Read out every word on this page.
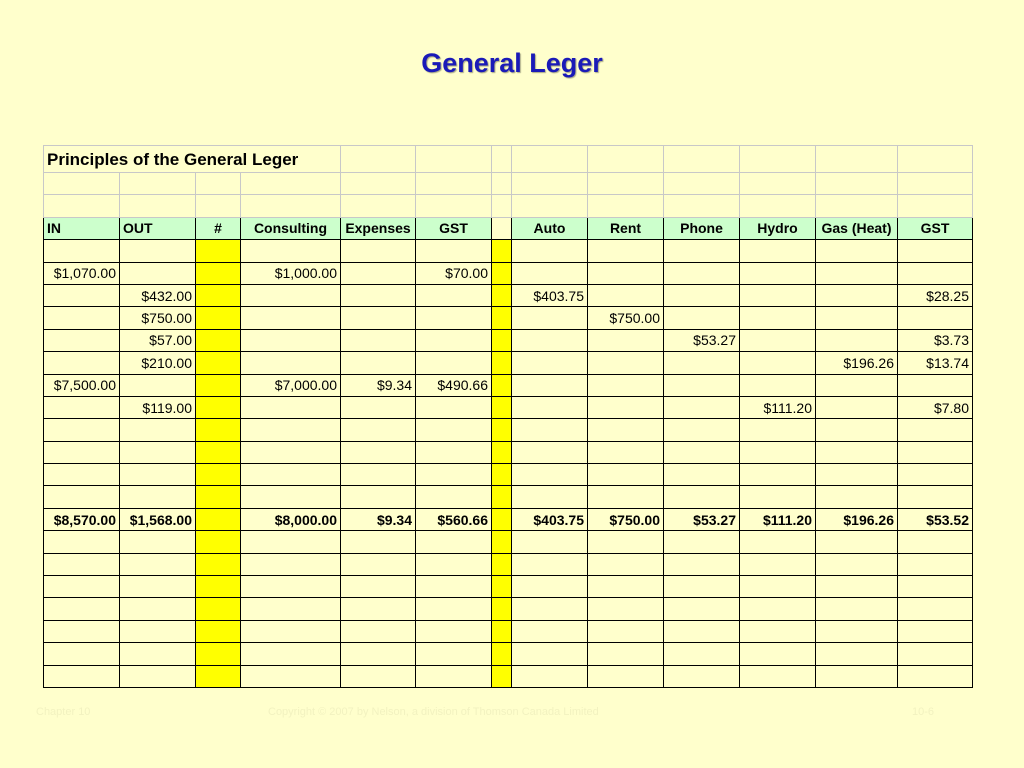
General Leger
Principles of the General Leger												

IN	OUT	#	Consulting	Expenses	GST		Auto	Rent	Phone	Hydro	Gas (Heat)	GST

$1,070.00			$1,000.00		$70.00							
	$432.00						$403.75					$28.25
	$750.00							$750.00				
	$57.00								$53.27			$3.73
	$210.00										$196.26	$13.74
$7,500.00			$7,000.00	$9.34	$490.66							
	$119.00									$111.20		$7.80

$8,570.00	$1,568.00		$8,000.00	$9.34	$560.66		$403.75	$750.00	$53.27	$111.20	$196.26	$53.52

Chapter 10	Copyright © 2007 by Nelson, a division of Thomson Canada Limited	10-6
